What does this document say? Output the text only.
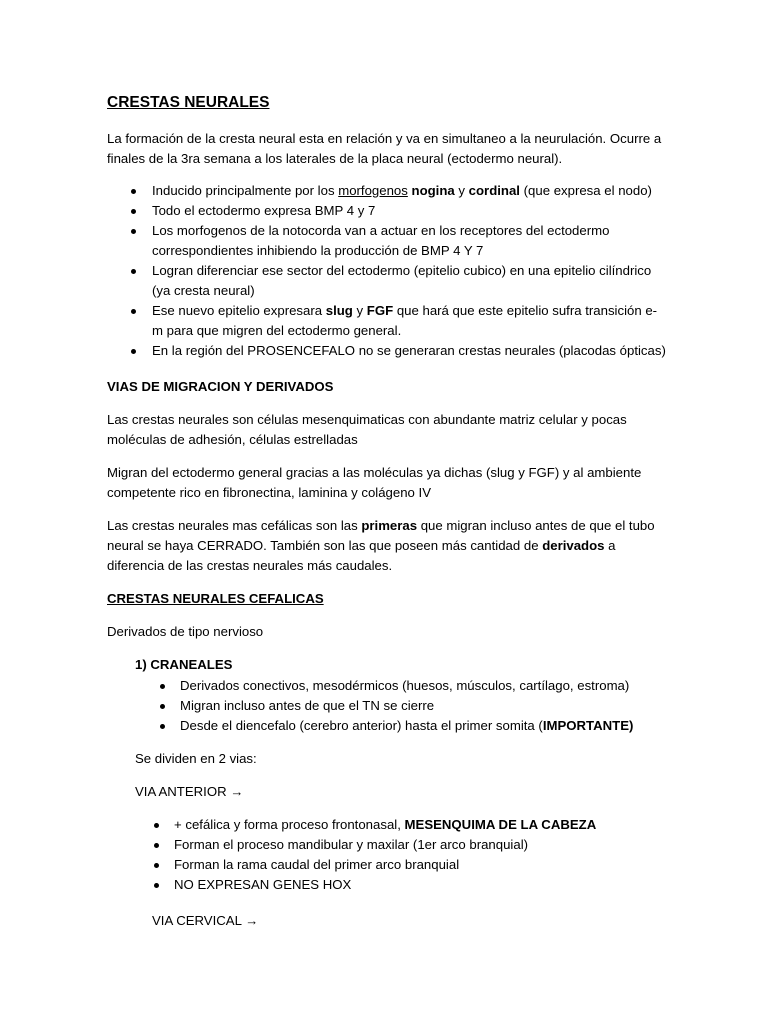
CRESTAS NEURALES

La formación de la cresta neural esta en relación y va en simultaneo a la neurulación. Ocurre a finales de la 3ra semana a los laterales de la placa neural (ectodermo neural).

Inducido principalmente por los morfogenos nogina y cordinal (que expresa el nodo)
Todo el ectodermo expresa BMP 4 y 7
Los morfogenos de la notocorda van a actuar en los receptores del ectodermo correspondientes inhibiendo la producción de BMP 4 Y 7
Logran diferenciar ese sector del ectodermo (epitelio cubico) en una epitelio cilíndrico (ya cresta neural)
Ese nuevo epitelio expresara slug y FGF que hará que este epitelio sufra transición e-m para que migren del ectodermo general.
En la región del PROSENCEFALO no se generaran crestas neurales (placodas ópticas)
VIAS DE MIGRACION Y DERIVADOS

Las crestas neurales son células mesenquimaticas con abundante matriz celular y pocas moléculas de adhesión, células estrelladas

Migran del ectodermo general gracias a las moléculas ya dichas (slug y FGF) y al ambiente competente rico en fibronectina, laminina y colágeno IV

Las crestas neurales mas cefálicas son las primeras que migran incluso antes de que el tubo neural se haya CERRADO. También son las que poseen más cantidad de derivados a diferencia de las crestas neurales más caudales.

CRESTAS NEURALES CEFALICAS
Derivados de tipo nervioso
1) CRANEALES
Derivados conectivos, mesodérmicos (huesos, músculos, cartílago, estroma)
Migran incluso antes de que el TN se cierre
Desde el diencefalo (cerebro anterior) hasta el primer somita (IMPORTANTE)
Se dividen en 2 vias:
VIA ANTERIOR →
+ cefálica y forma proceso frontonasal, MESENQUIMA DE LA CABEZA
Forman el proceso mandibular y maxilar (1er arco branquial)
Forman la rama caudal del primer arco branquial
NO EXPRESAN GENES HOX
VIA CERVICAL →
